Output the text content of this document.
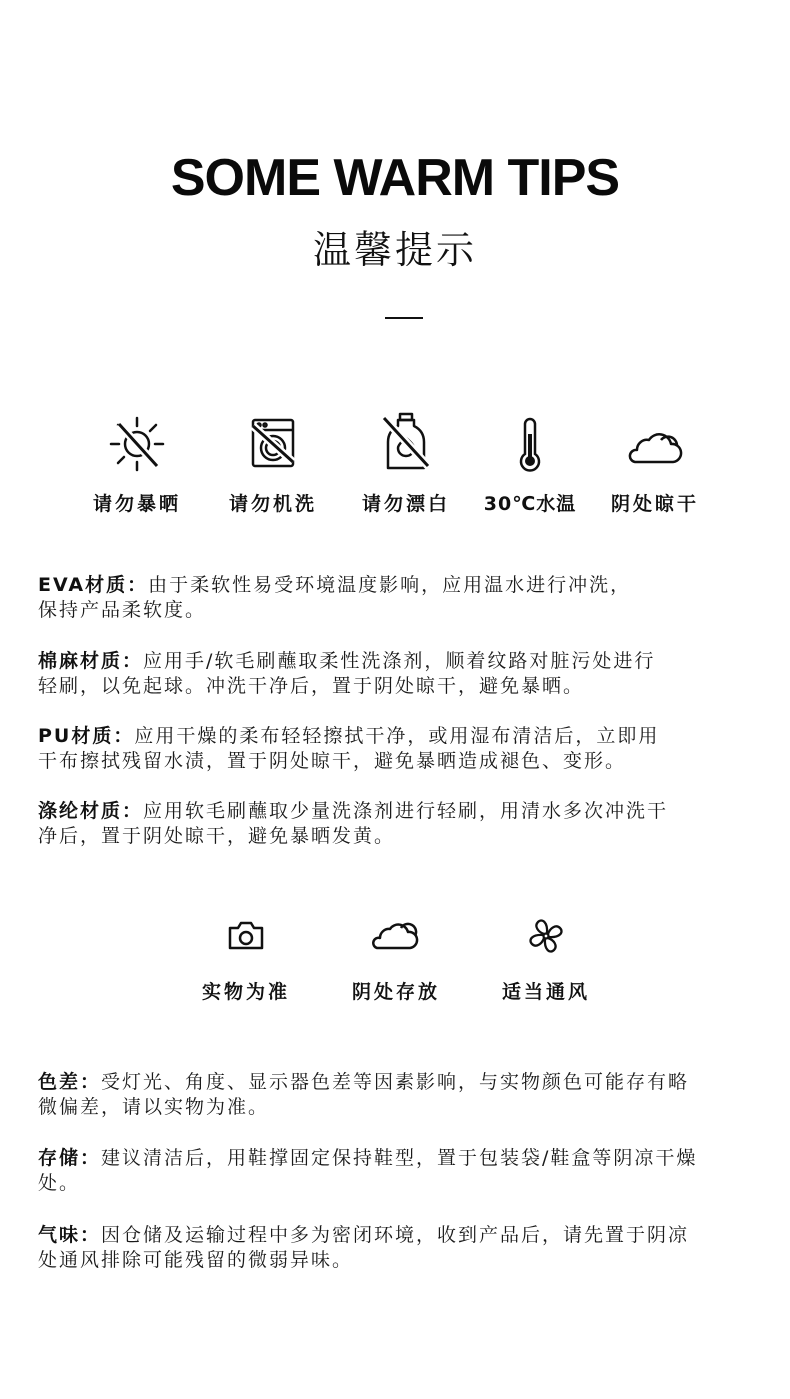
SOME WARM TIPS
温馨提示
请勿暴晒	请勿机洗	请勿漂白	30℃水温	阴处晾干
EVA材质：由于柔软性易受环境温度影响，应用温水进行冲洗，
保持产品柔软度。
棉麻材质：应用手/软毛刷蘸取柔性洗涤剂，顺着纹路对脏污处进行
轻刷，以免起球。冲洗干净后，置于阴处晾干，避免暴晒。
PU材质：应用干燥的柔布轻轻擦拭干净，或用湿布清洁后，立即用
干布擦拭残留水渍，置于阴处晾干，避免暴晒造成褪色、变形。
涤纶材质：应用软毛刷蘸取少量洗涤剂进行轻刷，用清水多次冲洗干
净后，置于阴处晾干，避免暴晒发黄。
实物为准	阴处存放	适当通风
色差：受灯光、角度、显示器色差等因素影响，与实物颜色可能存有略
微偏差，请以实物为准。
存储：建议清洁后，用鞋撑固定保持鞋型，置于包装袋/鞋盒等阴凉干燥
处。
气味：因仓储及运输过程中多为密闭环境，收到产品后，请先置于阴凉
处通风排除可能残留的微弱异味。
